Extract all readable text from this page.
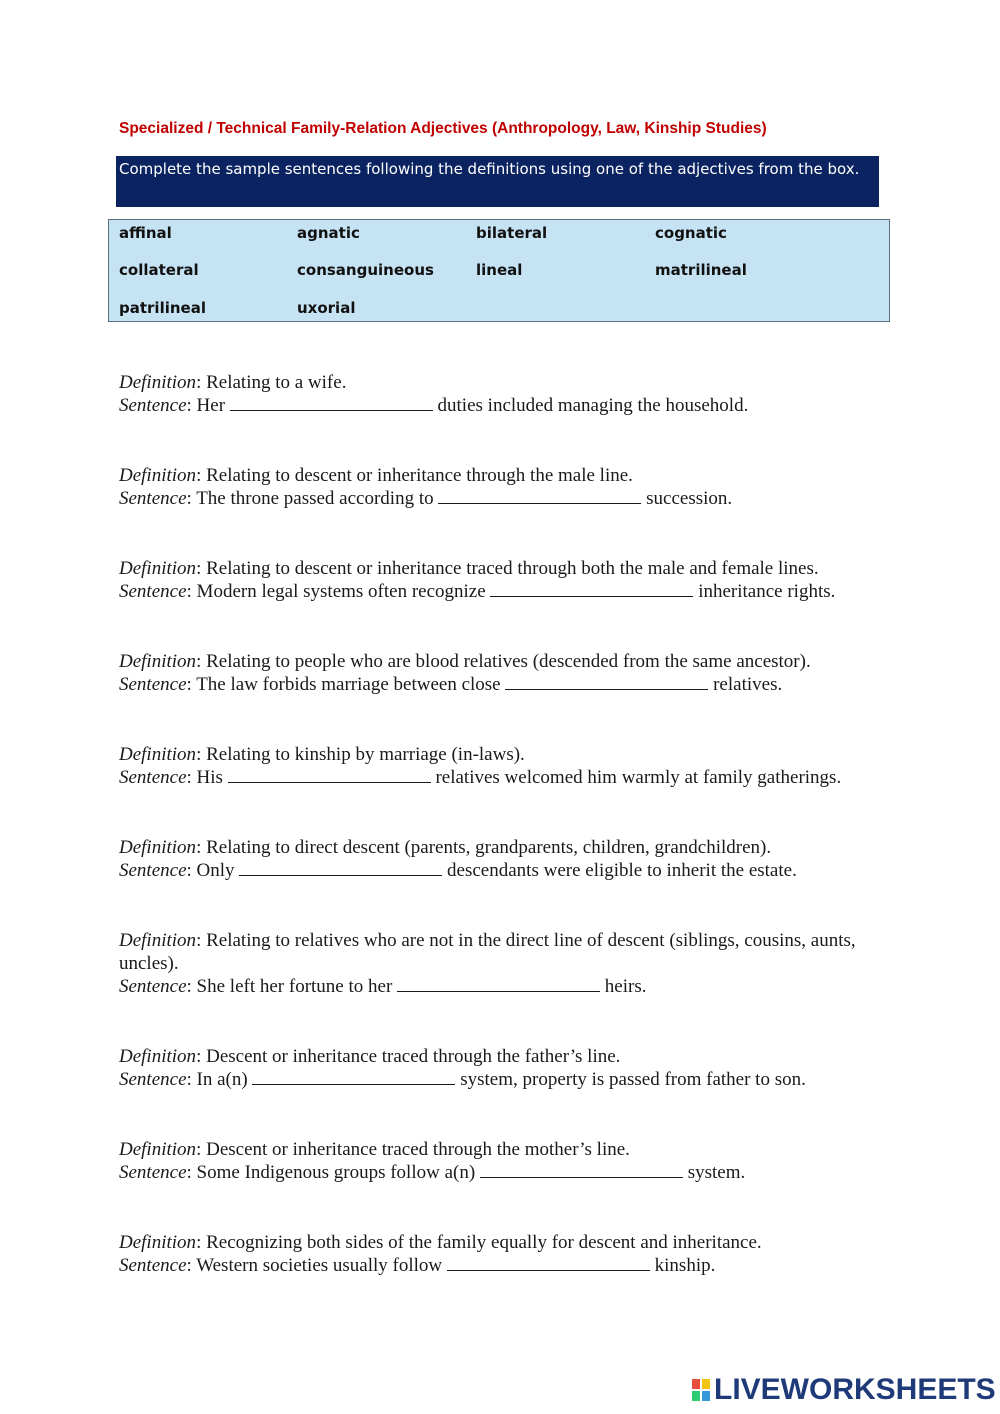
Specialized / Technical Family-Relation Adjectives (Anthropology, Law, Kinship Studies)
Complete the sample sentences following the definitions using one of the adjectives from the box.
affinal	agnatic	bilateral	cognatic
collateral	consanguineous	lineal	matrilineal
patrilineal	uxorial
Definition: Relating to a wife.
Sentence: Her	duties included managing the household.
Definition: Relating to descent or inheritance through the male line.
Sentence: The throne passed according to	succession.
Definition: Relating to descent or inheritance traced through both the male and female lines.
Sentence: Modern legal systems often recognize	inheritance rights.
Definition: Relating to people who are blood relatives (descended from the same ancestor).
Sentence: The law forbids marriage between close	relatives.
Definition: Relating to kinship by marriage (in-laws).
Sentence: His	relatives welcomed him warmly at family gatherings.
Definition: Relating to direct descent (parents, grandparents, children, grandchildren).
Sentence: Only	descendants were eligible to inherit the estate.
Definition: Relating to relatives who are not in the direct line of descent (siblings, cousins, aunts, uncles).
Sentence: She left her fortune to her	heirs.
Definition: Descent or inheritance traced through the father’s line.
Sentence: In a(n)	system, property is passed from father to son.
Definition: Descent or inheritance traced through the mother’s line.
Sentence: Some Indigenous groups follow a(n)	system.
Definition: Recognizing both sides of the family equally for descent and inheritance.
Sentence: Western societies usually follow	kinship.
LIVEWORKSHEETS
